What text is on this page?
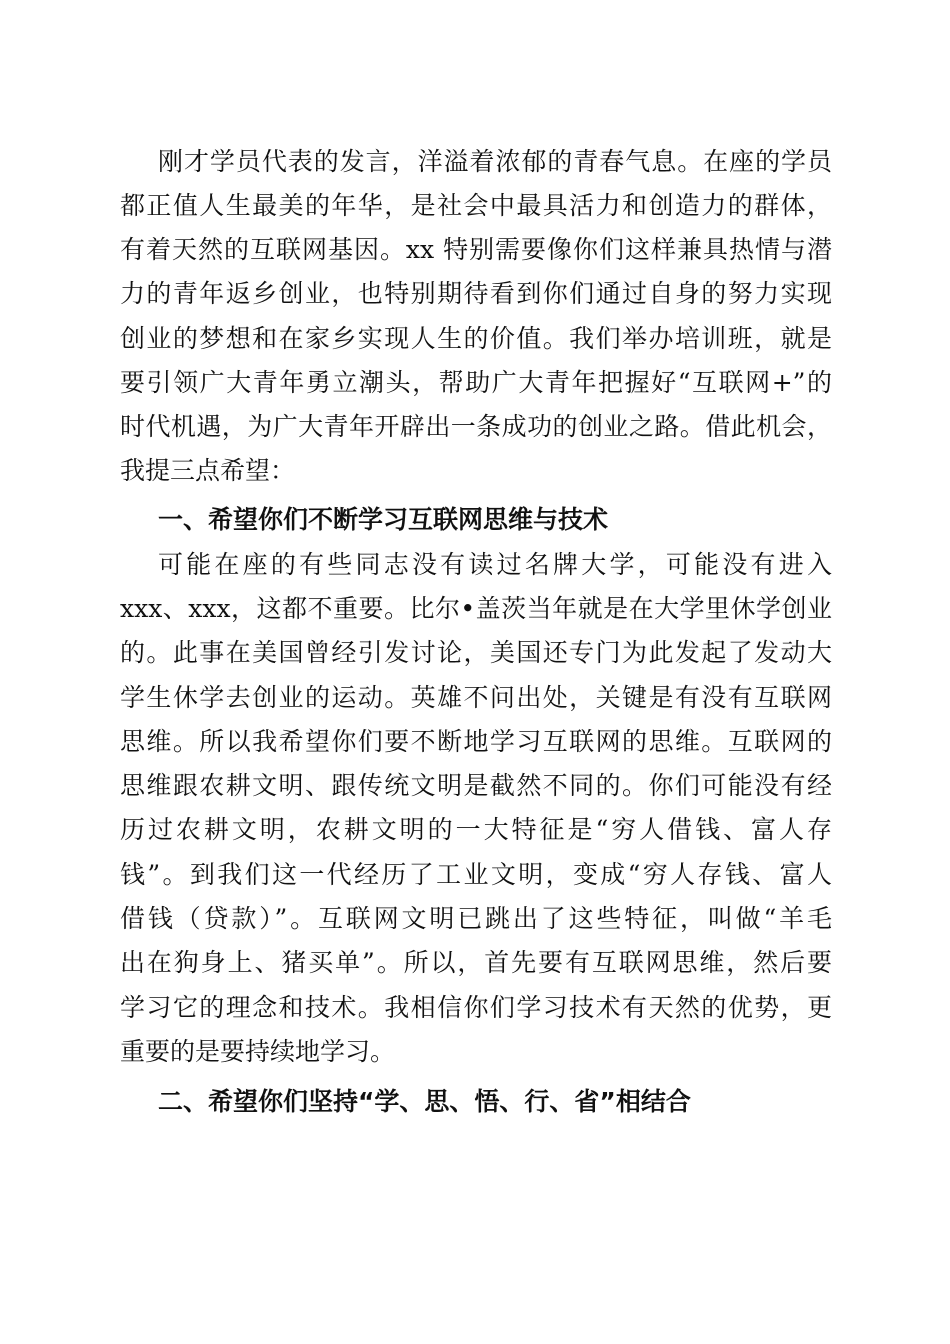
刚才学员代表的发言，洋溢着浓郁的青春气息。在座的学员
都正值人生最美的年华，是社会中最具活力和创造力的群体，
有着天然的互联网基因。xx 特别需要像你们这样兼具热情与潜
力的青年返乡创业，也特别期待看到你们通过自身的努力实现
创业的梦想和在家乡实现人生的价值。我们举办培训班，就是
要引领广大青年勇立潮头，帮助广大青年把握好“互联网+”的
时代机遇，为广大青年开辟出一条成功的创业之路。借此机会，
我提三点希望：
一、希望你们不断学习互联网思维与技术
可能在座的有些同志没有读过名牌大学，可能没有进入
xxx、xxx，这都不重要。比尔•盖茨当年就是在大学里休学创业
的。此事在美国曾经引发讨论，美国还专门为此发起了发动大
学生休学去创业的运动。英雄不问出处，关键是有没有互联网
思维。所以我希望你们要不断地学习互联网的思维。互联网的
思维跟农耕文明、跟传统文明是截然不同的。你们可能没有经
历过农耕文明，农耕文明的一大特征是“穷人借钱、富人存
钱”。到我们这一代经历了工业文明，变成“穷人存钱、富人
借钱（贷款）”。互联网文明已跳出了这些特征，叫做“羊毛
出在狗身上、猪买单”。所以，首先要有互联网思维，然后要
学习它的理念和技术。我相信你们学习技术有天然的优势，更
重要的是要持续地学习。
二、希望你们坚持“学、思、悟、行、省”相结合
